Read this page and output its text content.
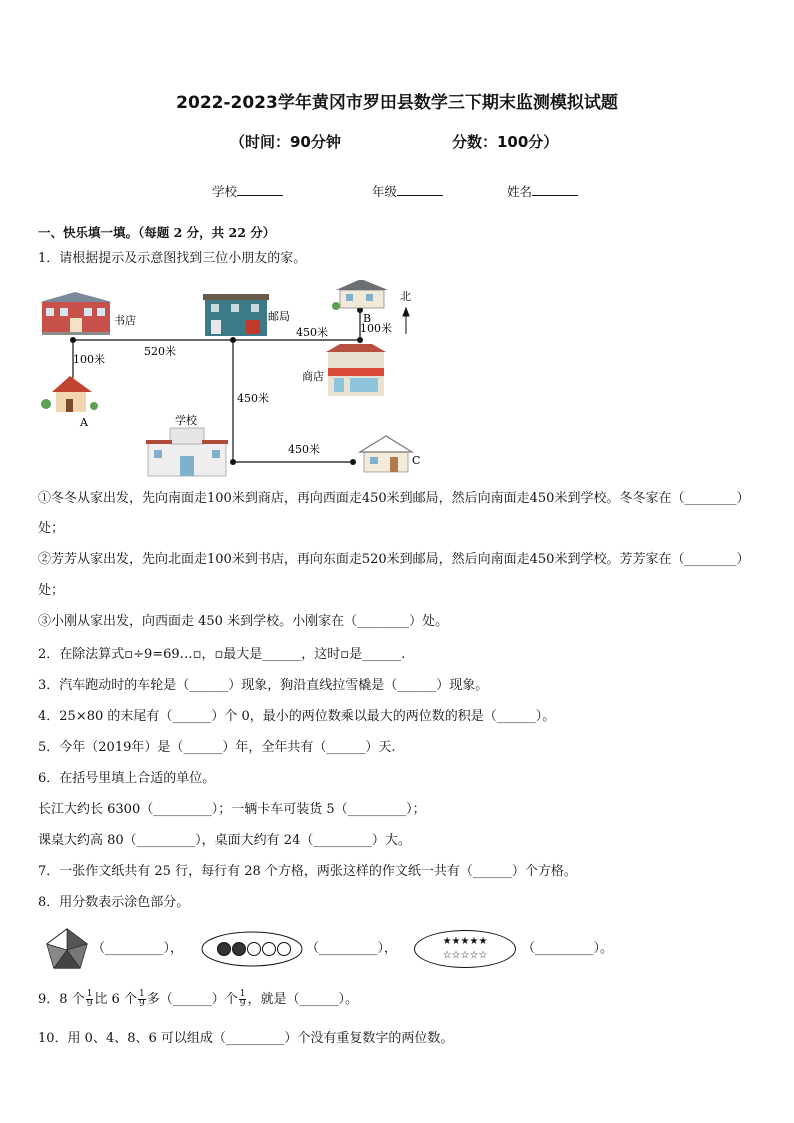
2022-2023学年黄冈市罗田县数学三下期末监测模拟试题
（时间：90分钟	分数：100分）
学校	年级	姓名
一、快乐填一填。（每题 2 分，共 22 分）
1．请根据提示及示意图找到三位小朋友的家。
书店	邮局
商店
学校
北
100米
520米
450米	100米
450米
450米
A
B
C
①冬冬从家出发，先向南面走100米到商店，再向西面走450米到邮局，然后向南面走450米到学校。冬冬家在（________）
处；
②芳芳从家出发，先向北面走100米到书店，再向东面走520米到邮局，然后向南面走450米到学校。芳芳家在（________）
处；
③小刚从家出发，向西面走 450 米到学校。小刚家在（________）处。
2．在除法算式▫÷9=69…▫，▫最大是______，这时▫是______.
3．汽车跑动时的车轮是（______）现象，狗沿直线拉雪橇是（______）现象。
4．25×80 的末尾有（______）个 0，最小的两位数乘以最大的两位数的积是（______）。
5．今年（2019年）是（______）年，全年共有（______）天.
6．在括号里填上合适的单位。
长江大约长 6300（_________）；一辆卡车可装货 5（_________）；
课桌大约高 80（_________），桌面大约有 24（_________）大。
7．一张作文纸共有 25 行，每行有 28 个方格，两张这样的作文纸一共有（______）个方格。
8．用分数表示涂色部分。
（_________），	（_________），	★★★★★
☆☆☆☆☆	（_________）。
9．8 个 $\frac{1}{9}$ 比 6 个 $\frac{1}{9}$ 多（______）个 $\frac{1}{9}$ ，就是（______）。
10．用 0、4、8、6 可以组成（_________）个没有重复数字的两位数。
